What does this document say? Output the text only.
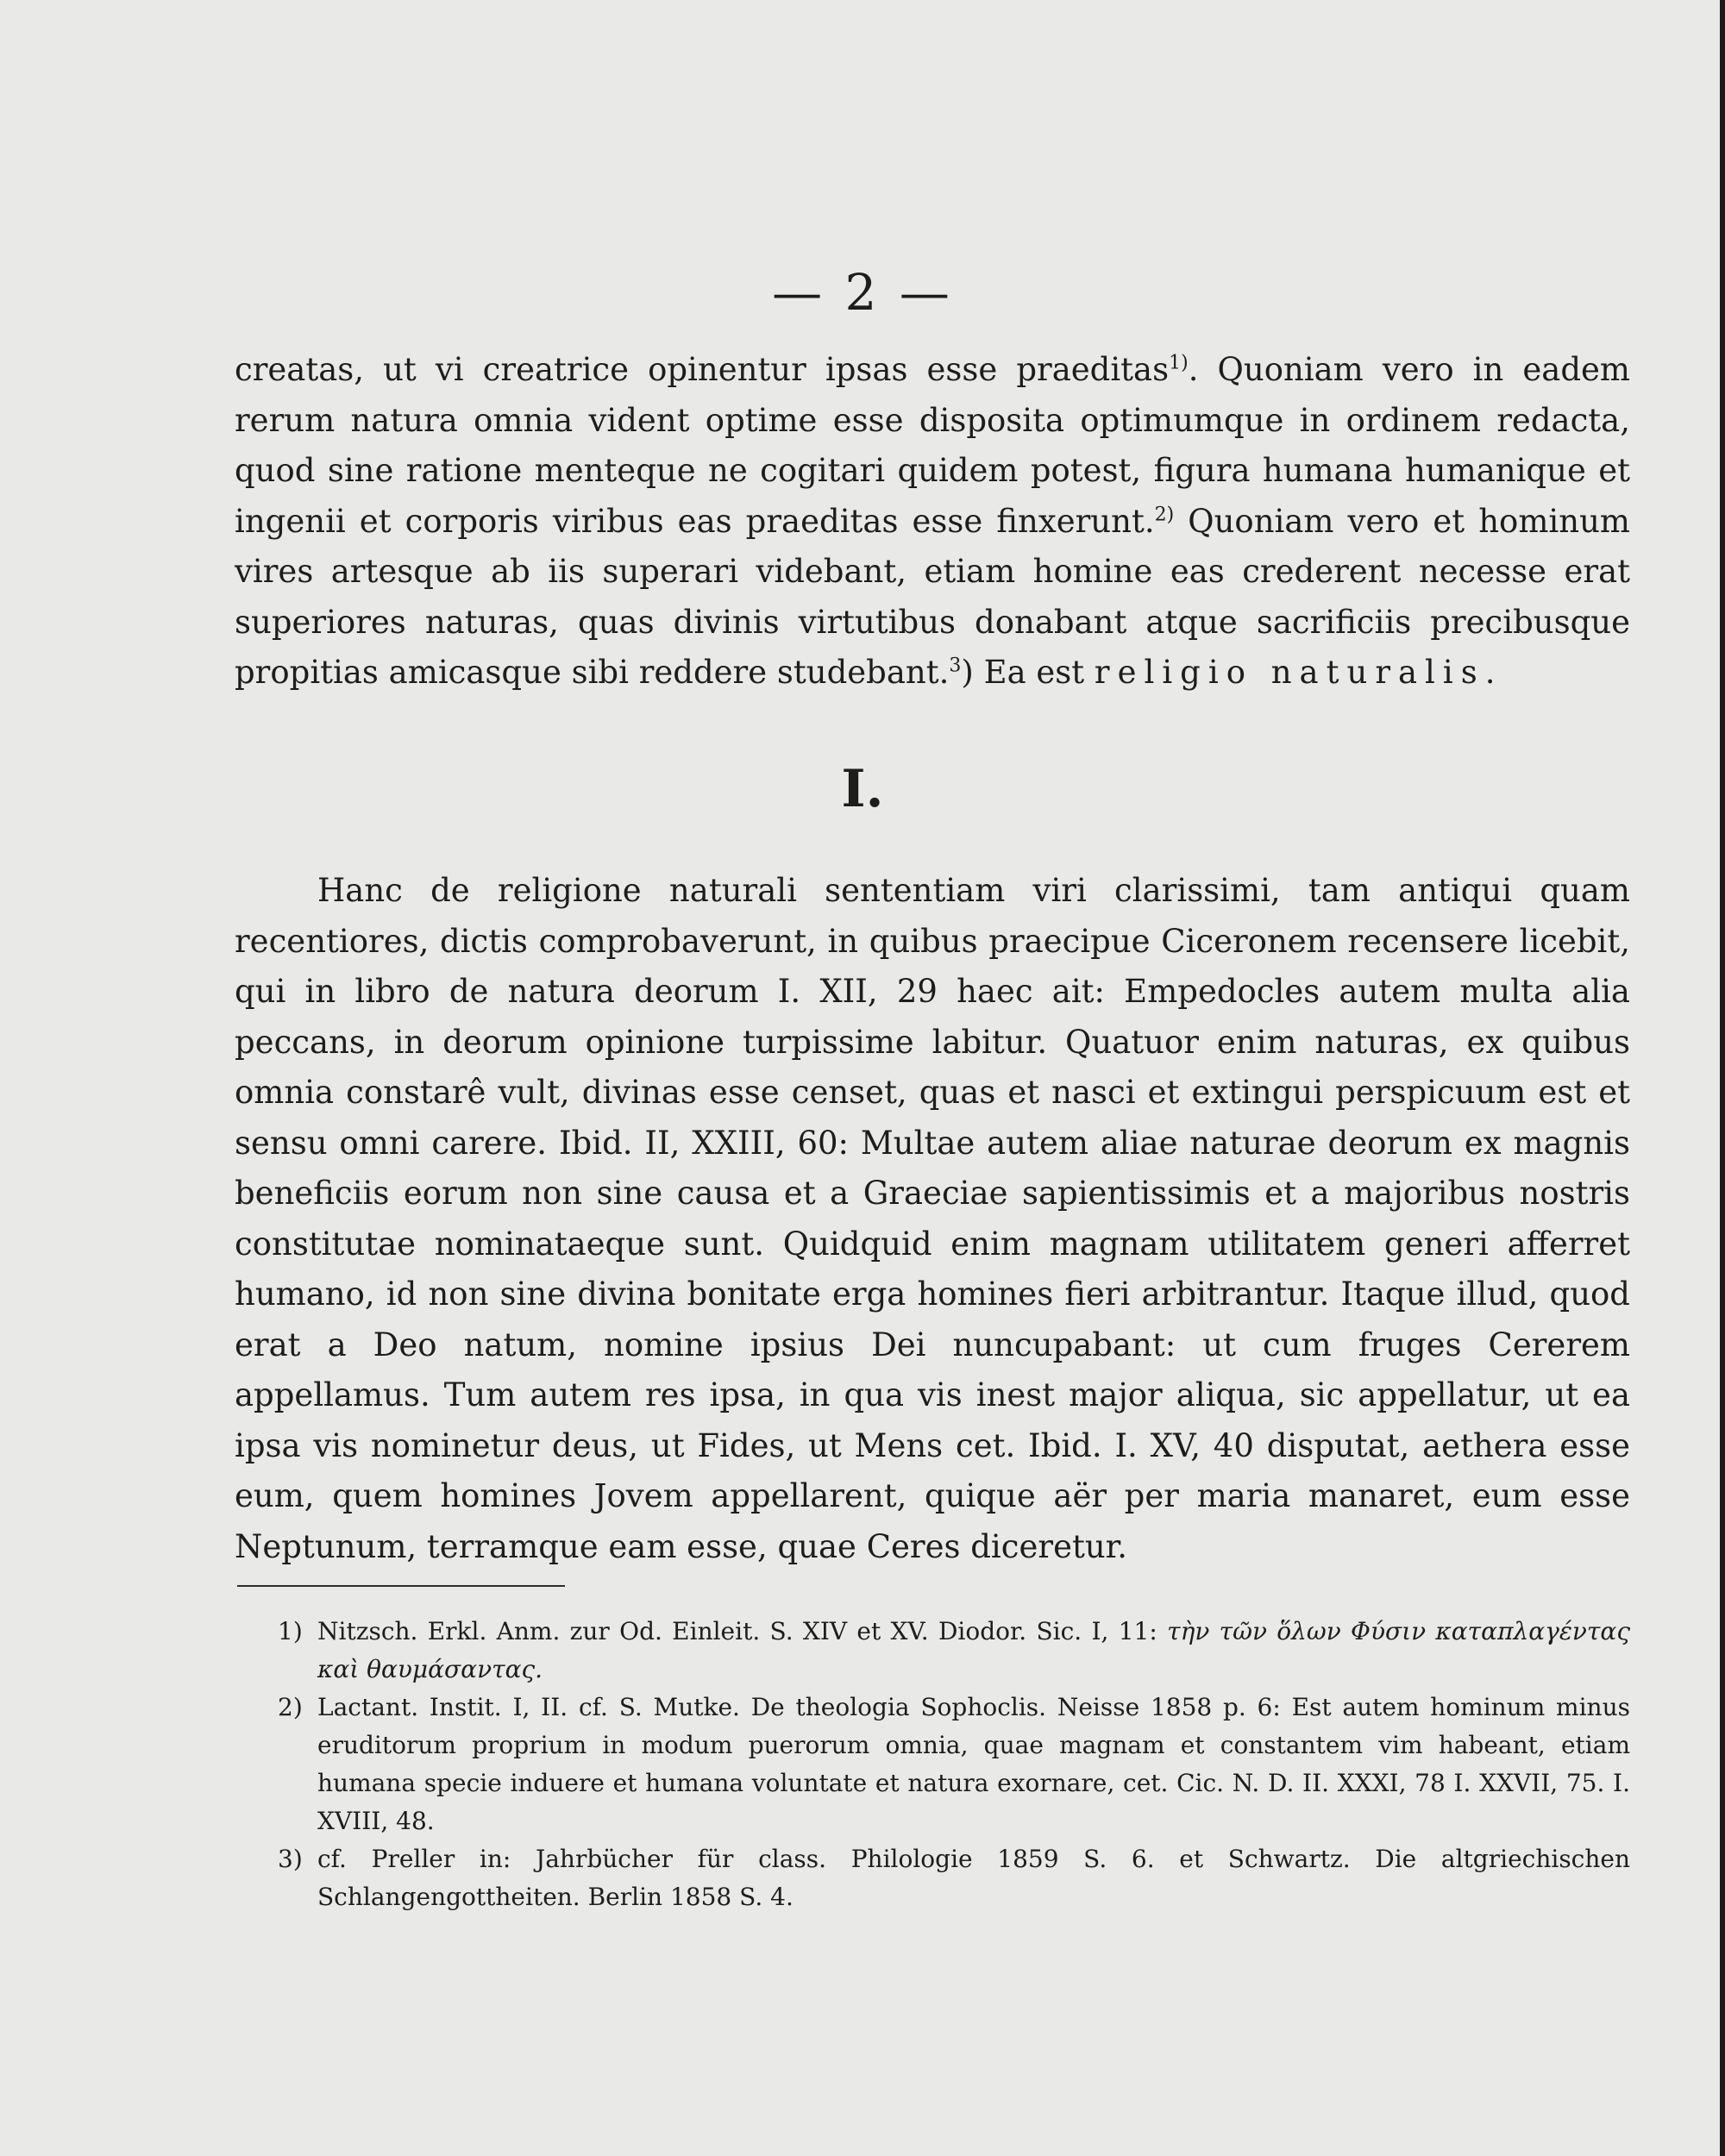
— 2 —
creatas, ut vi creatrice opinentur ipsas esse praeditas$^{1)}$. Quoniam vero in eadem rerum natura omnia vident optime esse disposita optimumque in ordinem redacta, quod sine ratione menteque ne cogitari quidem potest, figura humana humanique et ingenii et corporis viribus eas praeditas esse finxerunt.$^{2)}$ Quoniam vero et hominum vires artesque ab iis superari videbant, etiam homine eas crederent necesse erat superiores naturas, quas divinis virtutibus donabant atque sacrificiis precibusque propitias amicasque sibi reddere studebant.$^3$) Ea est religio naturalis.
I.
Hanc de religione naturali sententiam viri clarissimi, tam antiqui quam recentiores, dictis comprobaverunt, in quibus praecipue Ciceronem recensere licebit, qui in libro de natura deorum I. XII, 29 haec ait: Empedocles autem multa alia peccans, in deorum opinione turpissime labitur. Quatuor enim naturas, ex quibus omnia constarê vult, divinas esse censet, quas et nasci et extingui perspicuum est et sensu omni carere. Ibid. II, XXIII, 60: Multae autem aliae naturae deorum ex magnis beneficiis eorum non sine causa et a Graeciae sapientissimis et a majoribus nostris constitutae nominataeque sunt. Quidquid enim magnam utilitatem generi afferret humano, id non sine divina bonitate erga homines fieri arbitrantur. Itaque illud, quod erat a Deo natum, nomine ipsius Dei nuncupabant: ut cum fruges Cererem appellamus. Tum autem res ipsa, in qua vis inest major aliqua, sic appellatur, ut ea ipsa vis nominetur deus, ut Fides, ut Mens cet. Ibid. I. XV, 40 disputat, aethera esse eum, quem homines Jovem appellarent, quique aër per maria manaret, eum esse Neptunum, terramque eam esse, quae Ceres diceretur.
1) Nitzsch. Erkl. Anm. zur Od. Einleit. S. XIV et XV. Diodor. Sic. I, 11: τὴν τῶν ὅλων Φύσιν καταπλαγέντας καὶ θαυμάσαντας.
2) Lactant. Instit. I, II. cf. S. Mutke. De theologia Sophoclis. Neisse 1858 p. 6: Est autem hominum minus eruditorum proprium in modum puerorum omnia, quae magnam et constantem vim habeant, etiam humana specie induere et humana voluntate et natura exornare, cet. Cic. N. D. II. XXXI, 78 I. XXVII, 75. I. XVIII, 48.
3) cf. Preller in: Jahrbücher für class. Philologie 1859 S. 6. et Schwartz. Die altgriechischen Schlangengottheiten. Berlin 1858 S. 4.
